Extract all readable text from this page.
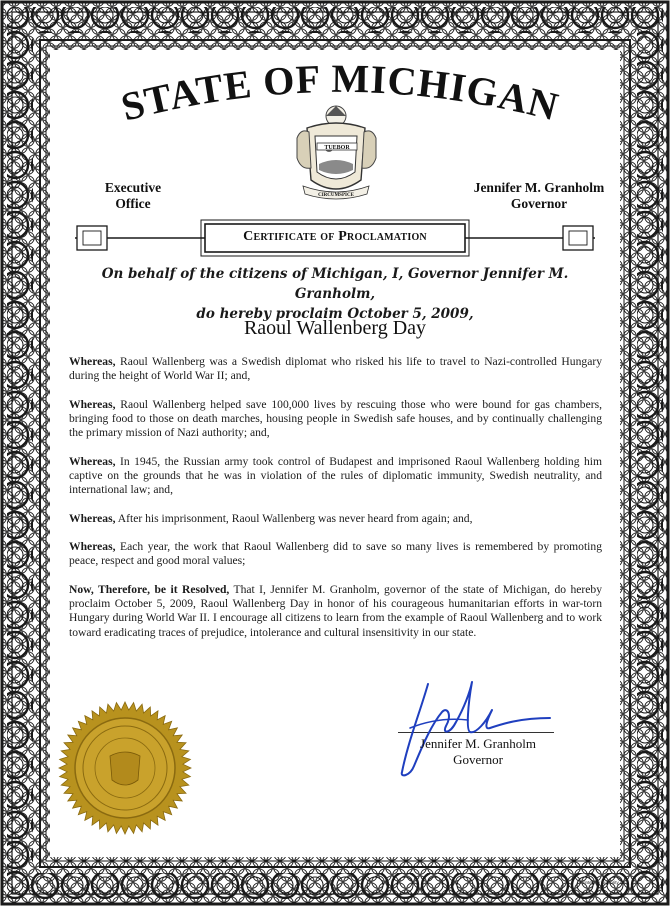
STATE OF MICHIGAN
TUEBOR
CIRCUMSPICE
Executive
Office
Jennifer M. Granholm
Governor
Certificate of Proclamation
On behalf of the citizens of Michigan, I, Governor Jennifer M. Granholm,
do hereby proclaim October 5, 2009,
Raoul Wallenberg Day
Whereas, Raoul Wallenberg was a Swedish diplomat who risked his life to travel to Nazi-controlled Hungary during the height of World War II; and,
Whereas, Raoul Wallenberg helped save 100,000 lives by rescuing those who were bound for gas chambers, bringing food to those on death marches, housing people in Swedish safe houses, and by continually challenging the primary mission of Nazi authority; and,
Whereas, In 1945, the Russian army took control of Budapest and imprisoned Raoul Wallenberg holding him captive on the grounds that he was in violation of the rules of diplomatic immunity, Swedish neutrality, and international law; and,
Whereas, After his imprisonment, Raoul Wallenberg was never heard from again; and,
Whereas, Each year, the work that Raoul Wallenberg did to save so many lives is remembered by promoting peace, respect and good moral values;
Now, Therefore, be it Resolved, That I, Jennifer M. Granholm, governor of the state of Michigan, do hereby proclaim October 5, 2009, Raoul Wallenberg Day in honor of his courageous humanitarian efforts in war-torn Hungary during World War II. I encourage all citizens to learn from the example of Raoul Wallenberg and to work toward eradicating traces of prejudice, intolerance and cultural insensitivity in our state.
Jennifer M. Granholm
Governor
Printed by authority of
